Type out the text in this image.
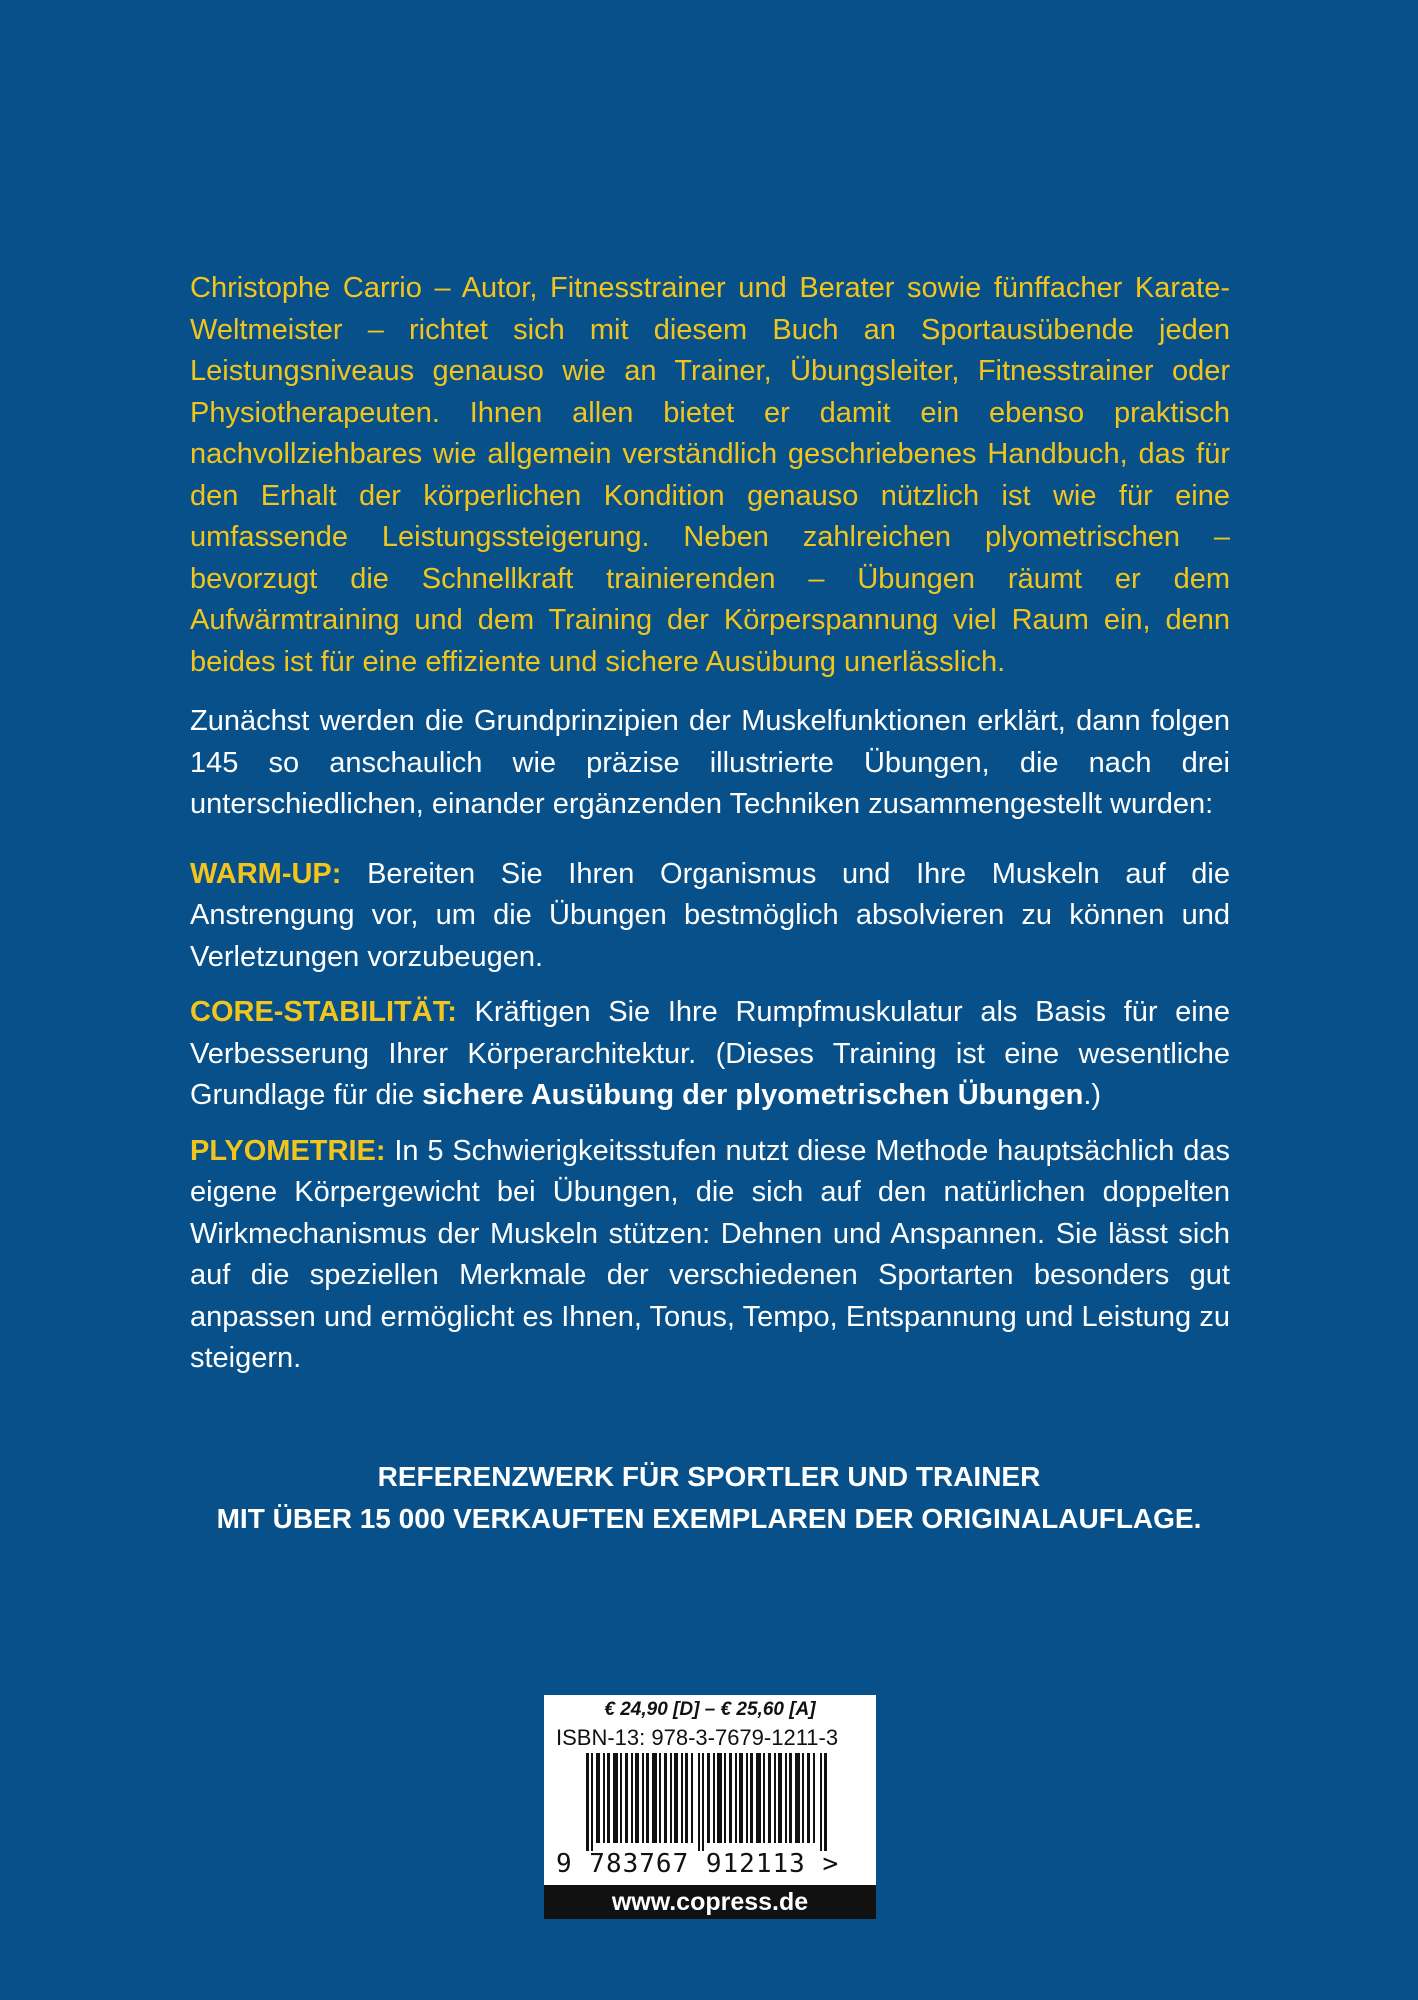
Christophe Carrio – Autor, Fitnesstrainer und Berater sowie fünffacher Karate-Weltmeister – richtet sich mit diesem Buch an Sportausübende jeden Leistungsniveaus genauso wie an Trainer, Übungsleiter, Fitnesstrainer oder Physiotherapeuten. Ihnen allen bietet er damit ein ebenso praktisch nachvollziehbares wie allgemein verständlich geschriebenes Handbuch, das für den Erhalt der körperlichen Kondition genauso nützlich ist wie für eine umfassende Leistungssteigerung. Neben zahlreichen plyometrischen – bevorzugt die Schnellkraft trainierenden – Übungen räumt er dem Aufwärmtraining und dem Training der Körperspannung viel Raum ein, denn beides ist für eine effiziente und sichere Ausübung unerlässlich.

Zunächst werden die Grundprinzipien der Muskelfunktionen erklärt, dann folgen 145 so anschaulich wie präzise illustrierte Übungen, die nach drei unterschiedlichen, einander ergänzenden Techniken zusammengestellt wurden:

WARM-UP: Bereiten Sie Ihren Organismus und Ihre Muskeln auf die Anstrengung vor, um die Übungen bestmöglich absolvieren zu können und Verletzungen vorzubeugen.

CORE-STABILITÄT: Kräftigen Sie Ihre Rumpfmuskulatur als Basis für eine Verbesserung Ihrer Körperarchitektur. (Dieses Training ist eine wesentliche Grundlage für die sichere Ausübung der plyometrischen Übungen.)

PLYOMETRIE: In 5 Schwierigkeitsstufen nutzt diese Methode hauptsächlich das eigene Körpergewicht bei Übungen, die sich auf den natürlichen doppelten Wirkmechanismus der Muskeln stützen: Dehnen und Anspannen. Sie lässt sich auf die speziellen Merkmale der verschiedenen Sportarten besonders gut anpassen und ermöglicht es Ihnen, Tonus, Tempo, Entspannung und Leistung zu steigern.

REFERENZWERK FÜR SPORTLER UND TRAINER
MIT ÜBER 15 000 VERKAUFTEN EXEMPLAREN DER ORIGINALAUFLAGE.
€ 24,90 [D] – € 25,60 [A]
ISBN-13: 978-3-7679-1211-3
9 783767 912113 >
www.copress.de
